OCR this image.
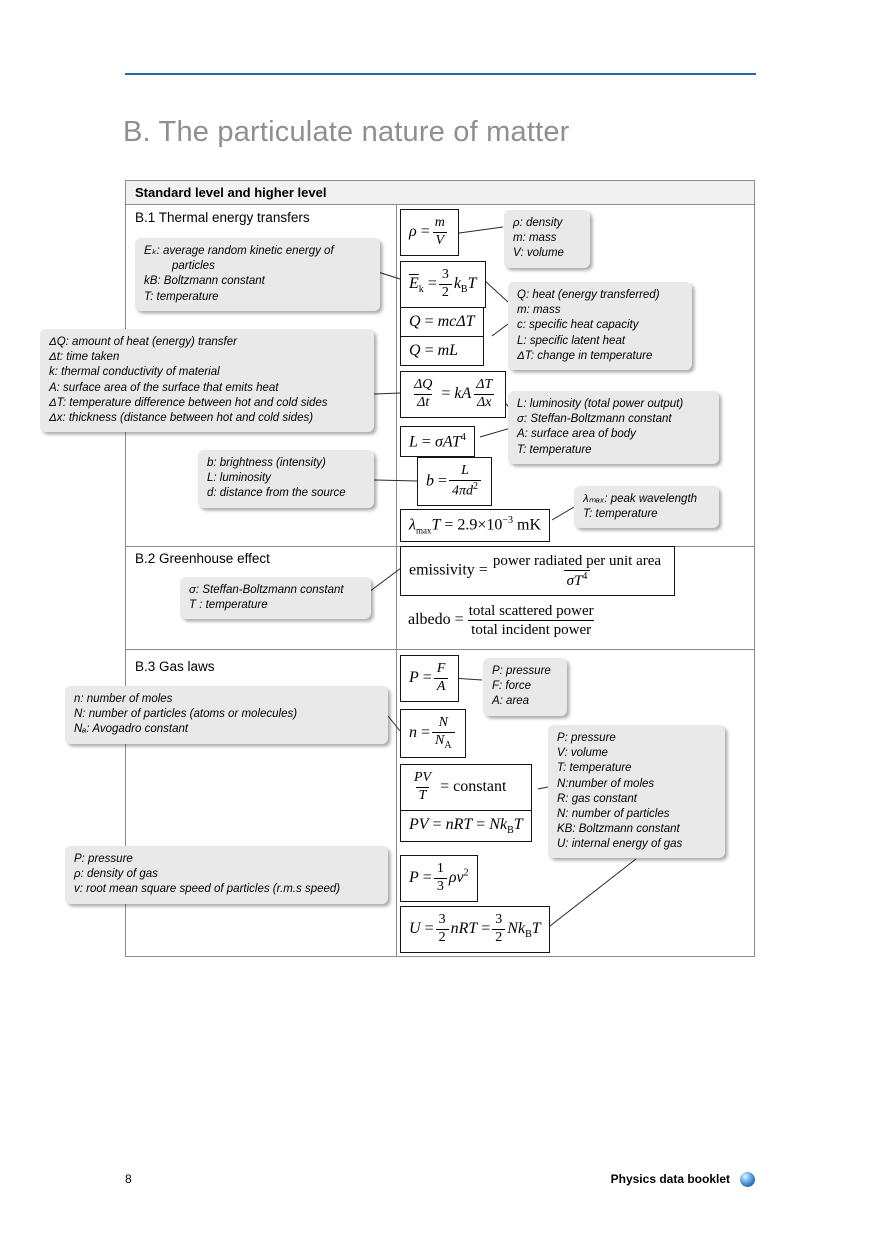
B. The particulate nature of matter
Standard level and higher level
B.1 Thermal energy transfers
B.2 Greenhouse effect
B.3 Gas laws
Eₖ: average random kinetic energy of
particles
kB: Boltzmann constant
T: temperature
ΔQ: amount of heat (energy) transfer
Δt: time taken
k: thermal conductivity of material
A: surface area of the surface that emits heat
ΔT: temperature difference between hot and cold sides
Δx: thickness (distance between hot and cold sides)
b: brightness (intensity)
L: luminosity
d: distance from the source
ρ: density
m: mass
V: volume
Q: heat (energy transferred)
m: mass
c: specific heat capacity
L: specific latent heat
ΔT: change in temperature
L: luminosity (total power output)
σ: Steffan-Boltzmann constant
A: surface area of body
T: temperature
λₘₐₓ: peak wavelength
T: temperature
$\rho = \frac{m}{V}$
$\overline{E}_k = \frac{3}{2} k_BT$
Q = mcΔT
Q = mL
$\frac{\Delta Q}{\Delta t}$ = kA $\frac{\Delta T}{\Delta x}$
L = σAT$^4$
$b = \frac{L}{4\pi d^2}$
$\lambda_{max}T = 2.9\times 10^{-3}$ mK
σ: Steffan-Boltzmann constant
T : temperature
emissivity = $\frac{\text{power radiated per unit area}}{\sigma T^4}$
albedo = $\frac{\text{total scattered power}}{\text{total incident power}}$
n: number of moles
N: number of particles (atoms or molecules)
Nₐ: Avogadro constant
P: pressure
F: force
A: area
P: pressure
V: volume
T: temperature
N:number of moles
R: gas constant
N: number of particles
KB: Boltzmann constant
U: internal energy of gas
P: pressure
ρ: density of gas
v: root mean square speed of particles (r.m.s speed)
$P = \frac{F}{A}$
$n = \frac{N}{N_A}$
$\frac{PV}{T}$ = constant
PV = nRT = $Nk_BT$
$P = \frac{1}{3} \rho v^2$
$U = \frac{3}{2}$ nRT = $\frac{3}{2} Nk_BT$
8	Physics data booklet
